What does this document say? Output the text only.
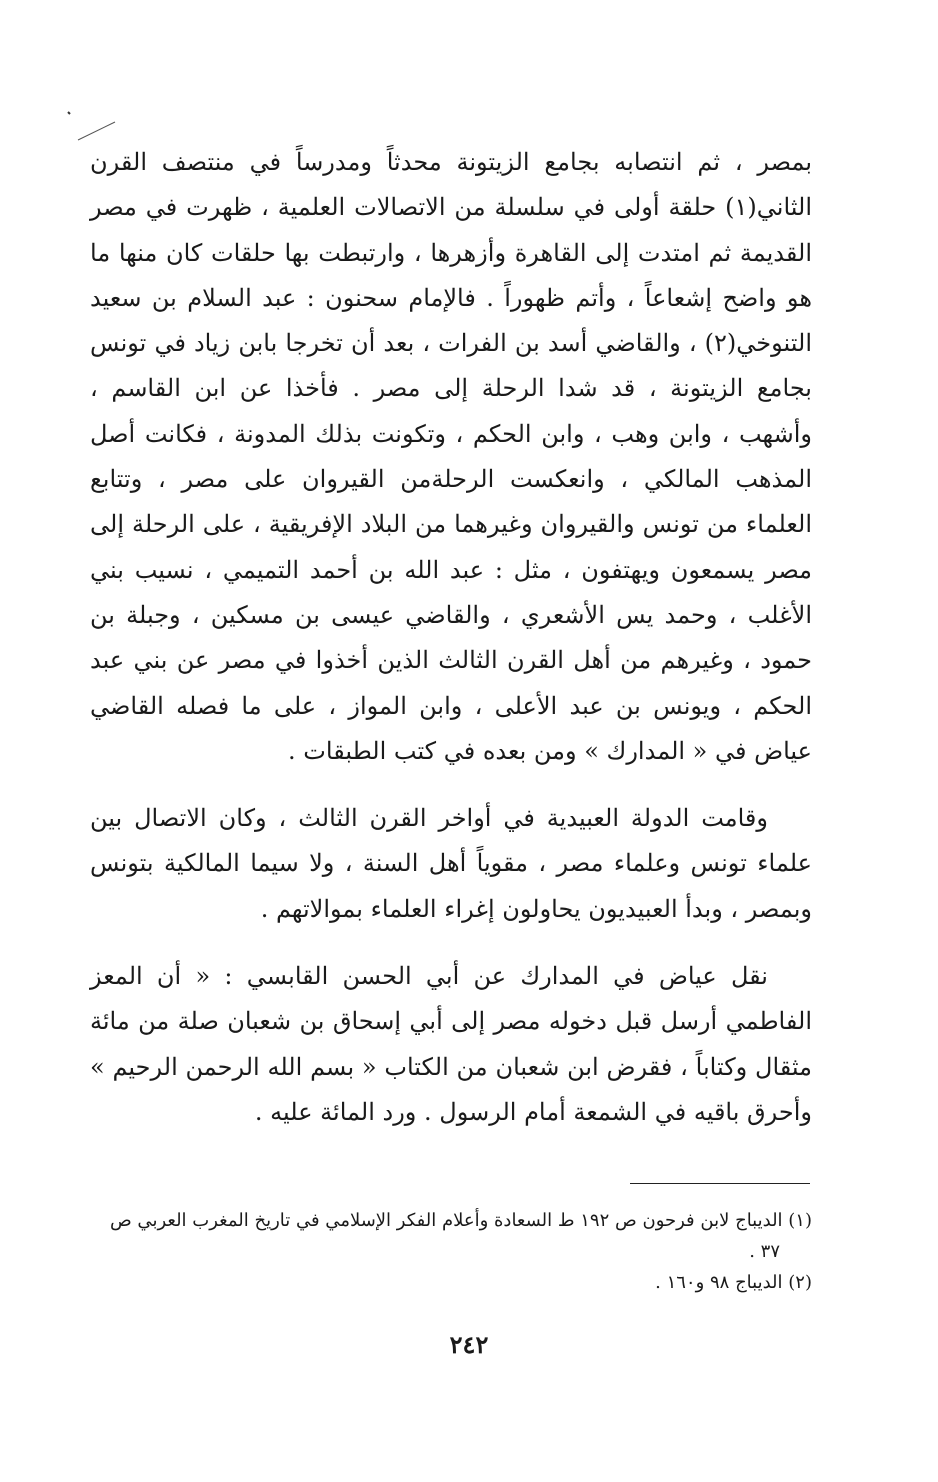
بمصر ، ثم انتصابه بجامع الزيتونة محدثاً ومدرساً في منتصف القرن الثاني(١) حلقة أولى في سلسلة من الاتصالات العلمية ، ظهرت في مصر القديمة ثم امتدت إلى القاهرة وأزهرها ، وارتبطت بها حلقات كان منها ما هو واضح إشعاعاً ، وأتم ظهوراً . فالإمام سحنون : عبد السلام بن سعيد التنوخي(٢) ، والقاضي أسد بن الفرات ، بعد أن تخرجا بابن زياد في تونس بجامع الزيتونة ، قد شدا الرحلة إلى مصر . فأخذا عن ابن القاسم ، وأشهب ، وابن وهب ، وابن الحكم ، وتكونت بذلك المدونة ، فكانت أصل المذهب المالكي ، وانعكست الرحلةمن القيروان على مصر ، وتتابع العلماء من تونس والقيروان وغيرهما من البلاد الإفريقية ، على الرحلة إلى مصر يسمعون ويهتفون ، مثل : عبد الله بن أحمد التميمي ، نسيب بني الأغلب ، وحمد يس الأشعري ، والقاضي عيسى بن مسكين ، وجبلة بن حمود ، وغيرهم من أهل القرن الثالث الذين أخذوا في مصر عن بني عبد الحكم ، ويونس بن عبد الأعلى ، وابن المواز ، على ما فصله القاضي عياض في « المدارك » ومن بعده في كتب الطبقات .

وقامت الدولة العبيدية في أواخر القرن الثالث ، وكان الاتصال بين علماء تونس وعلماء مصر ، مقوياً أهل السنة ، ولا سيما المالكية بتونس وبمصر ، وبدأ العبيديون يحاولون إغراء العلماء بموالاتهم .

نقل عياض في المدارك عن أبي الحسن القابسي : « أن المعز الفاطمي أرسل قبل دخوله مصر إلى أبي إسحاق بن شعبان صلة من مائة مثقال وكتاباً ، فقرض ابن شعبان من الكتاب « بسم الله الرحمن الرحيم » وأحرق باقيه في الشمعة أمام الرسول . ورد المائة عليه .

(١) الديباج لابن فرحون ص ١٩٢ ط السعادة وأعلام الفكر الإسلامي في تاريخ المغرب العربي ص ٣٧ .

(٢) الديباج ٩٨ و١٦٠ .

٢٤٢
